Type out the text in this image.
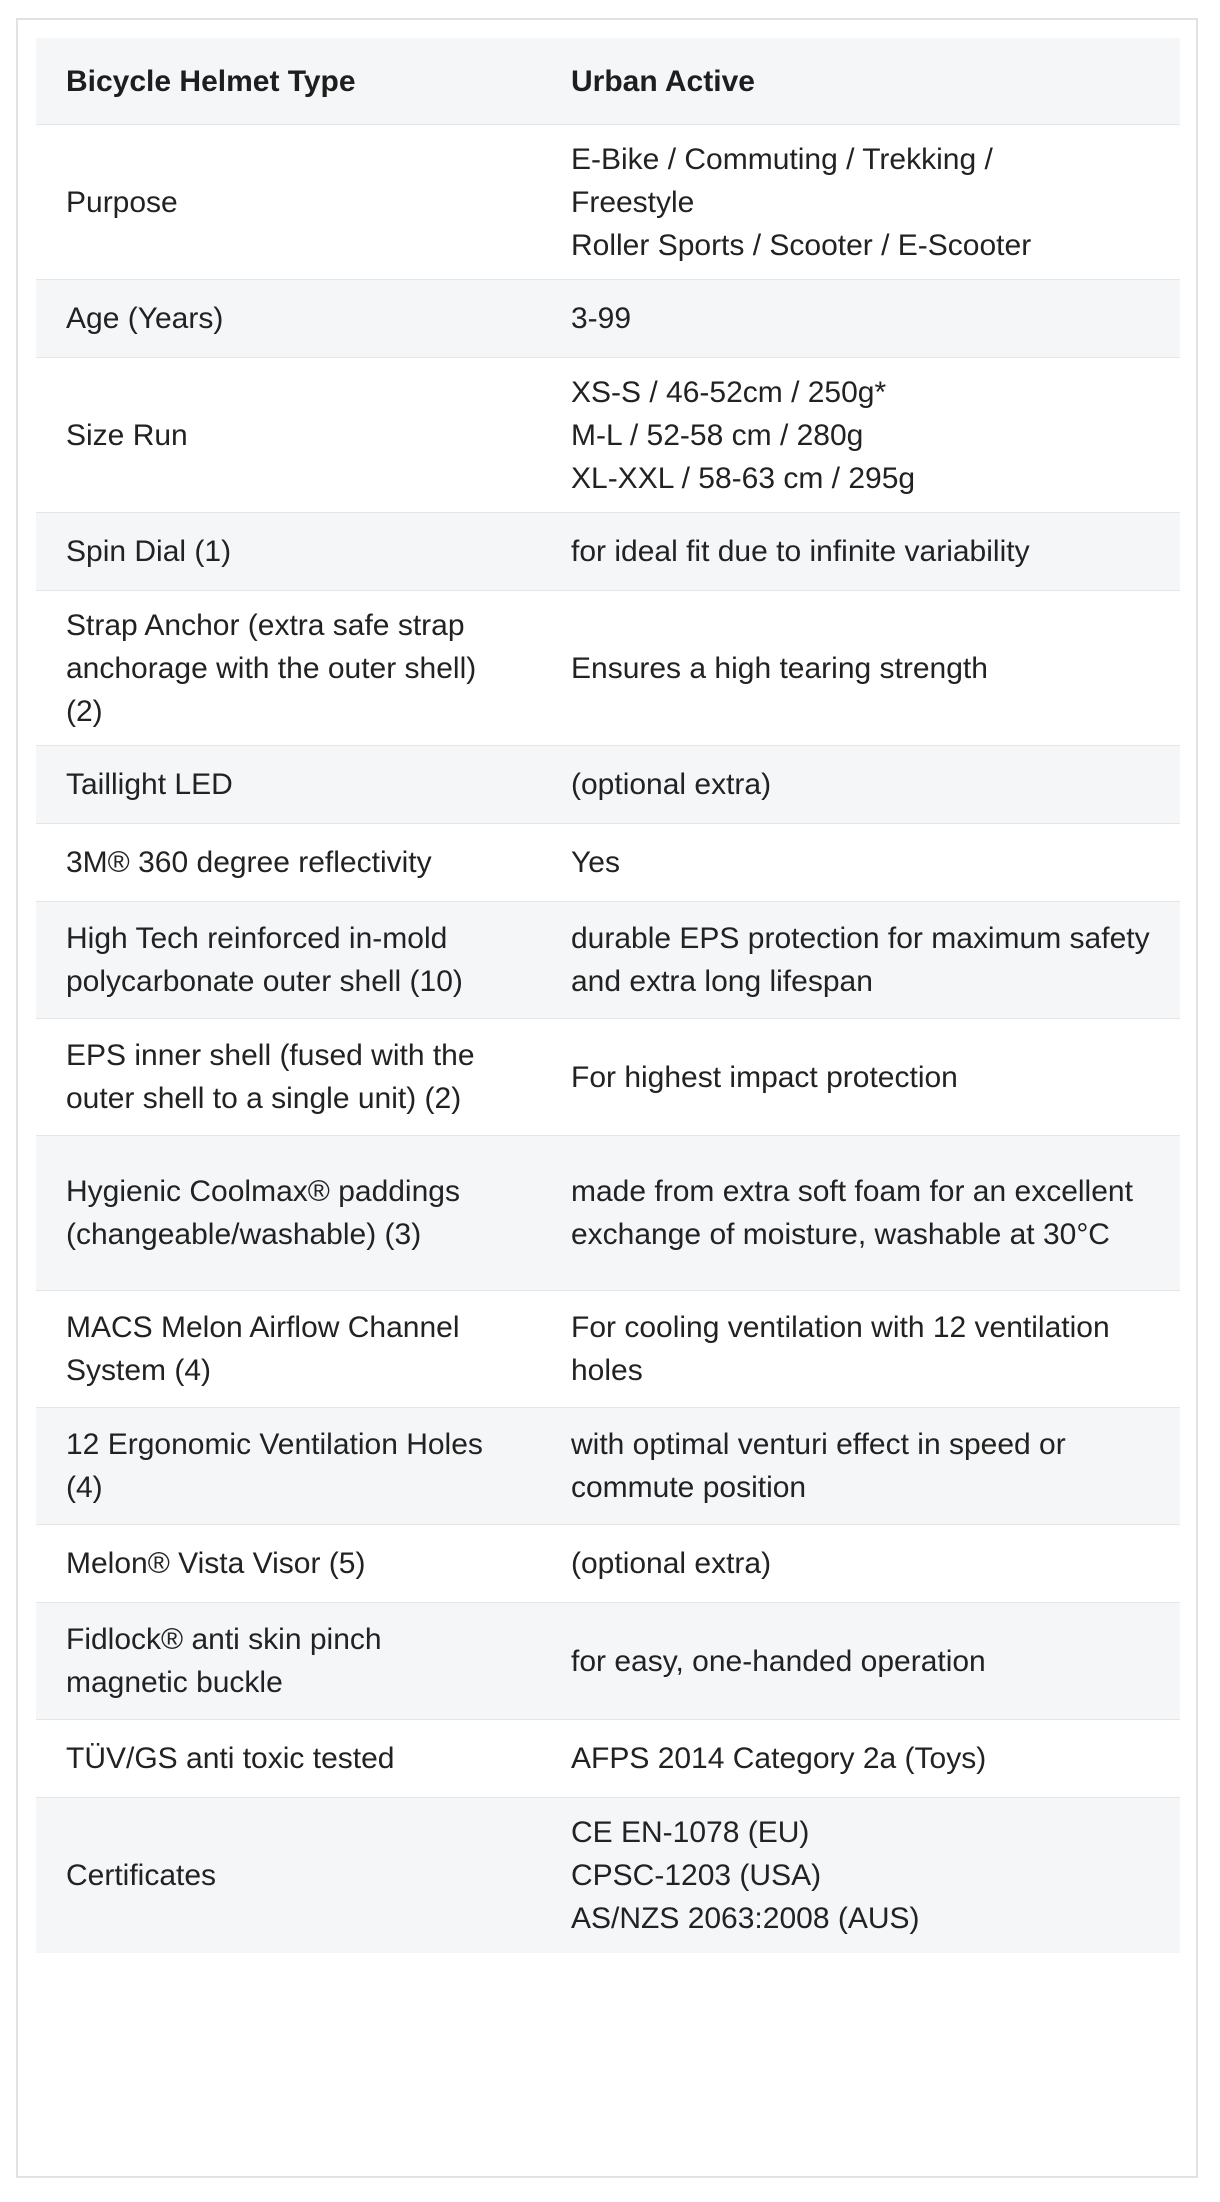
Bicycle Helmet Type	Urban Active
Purpose	E-Bike / Commuting / Trekking /
Freestyle
Roller Sports / Scooter / E-Scooter

Age (Years)	3-99

Size Run	XS-S / 46-52cm / 250g*
M-L / 52-58 cm / 280g
XL-XXL / 58-63 cm / 295g

Spin Dial (1)	for ideal fit due to infinite variability

Strap Anchor (extra safe strap anchorage with the outer shell) (2)	Ensures a high tearing strength

Taillight LED	(optional extra)

3M® 360 degree reflectivity	Yes

High Tech reinforced in-mold polycarbonate outer shell (10)	durable EPS protection for maximum safety and extra long lifespan

EPS inner shell (fused with the outer shell to a single unit) (2)	For highest impact protection

Hygienic Coolmax® paddings (changeable/washable) (3)	made from extra soft foam for an excellent exchange of moisture, washable at 30°C

MACS Melon Airflow Channel System (4)	For cooling ventilation with 12 ventilation holes

12 Ergonomic Ventilation Holes (4)	with optimal venturi effect in speed or commute position

Melon® Vista Visor (5)	(optional extra)

Fidlock® anti skin pinch magnetic buckle	for easy, one-handed operation

TÜV/GS anti toxic tested	AFPS 2014 Category 2a (Toys)

Certificates	CE EN-1078 (EU)
CPSC-1203 (USA)
AS/NZS 2063:2008 (AUS)
